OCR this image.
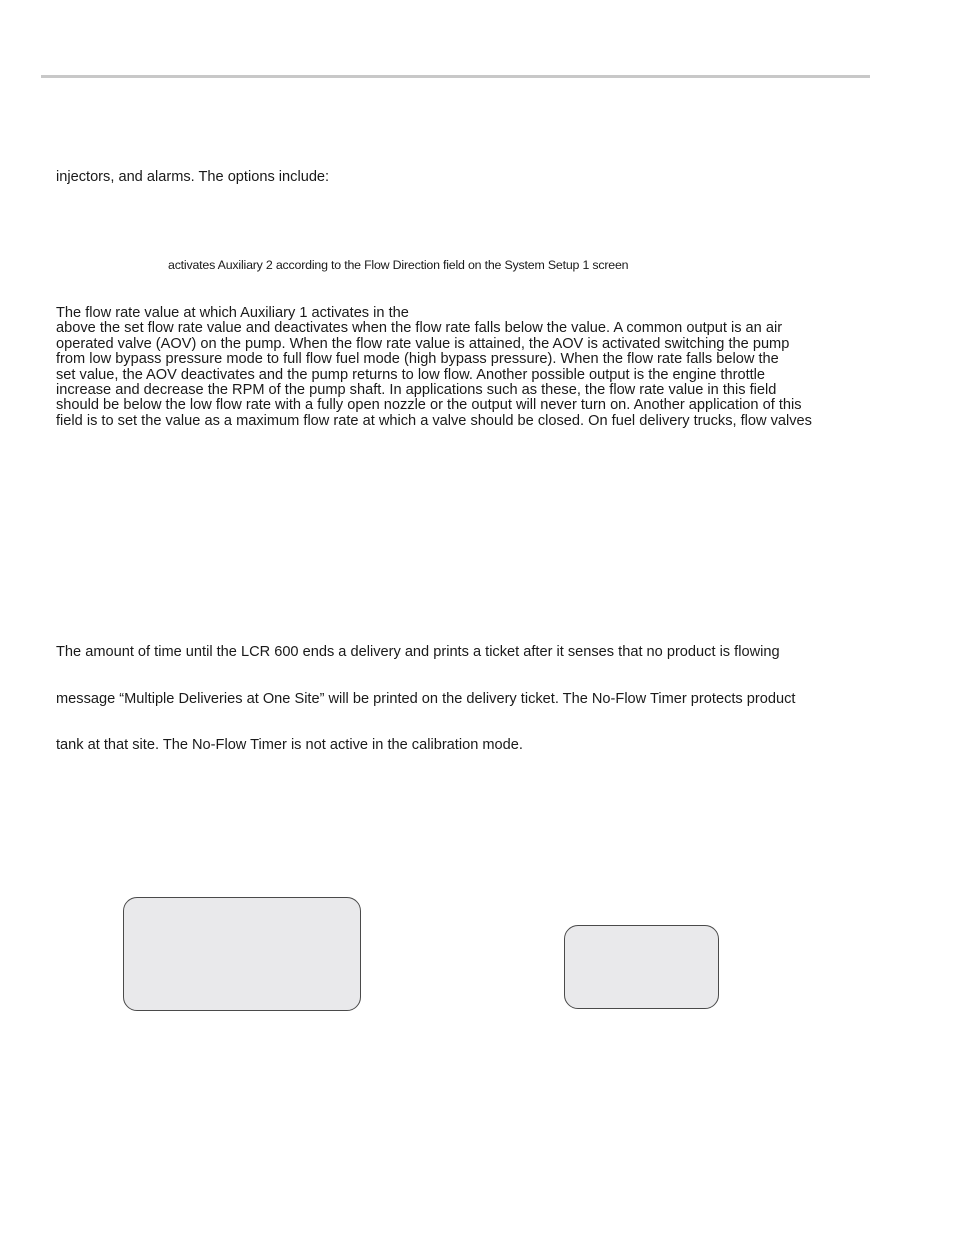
injectors, and alarms. The options include:
activates Auxiliary 2 according to the Flow Direction field on the System Setup 1 screen
The flow rate value at which Auxiliary 1 activates in the
above the set flow rate value and deactivates when the flow rate falls below the value. A common output is an air
operated valve (AOV) on the pump. When the flow rate value is attained, the AOV is activated switching the pump
from low bypass pressure mode to full flow fuel mode (high bypass pressure). When the flow rate falls below the
set value, the AOV deactivates and the pump returns to low flow. Another possible output is the engine throttle
increase and decrease the RPM of the pump shaft. In applications such as these, the flow rate value in this field
should be below the low flow rate with a fully open nozzle or the output will never turn on. Another application of this
field is to set the value as a maximum flow rate at which a valve should be closed. On fuel delivery trucks, flow valves
The amount of time until the LCR 600 ends a delivery and prints a ticket after it senses that no product is flowing
message “Multiple Deliveries at One Site” will be printed on the delivery ticket. The No-Flow Timer protects product
tank at that site. The No-Flow Timer is not active in the calibration mode.
